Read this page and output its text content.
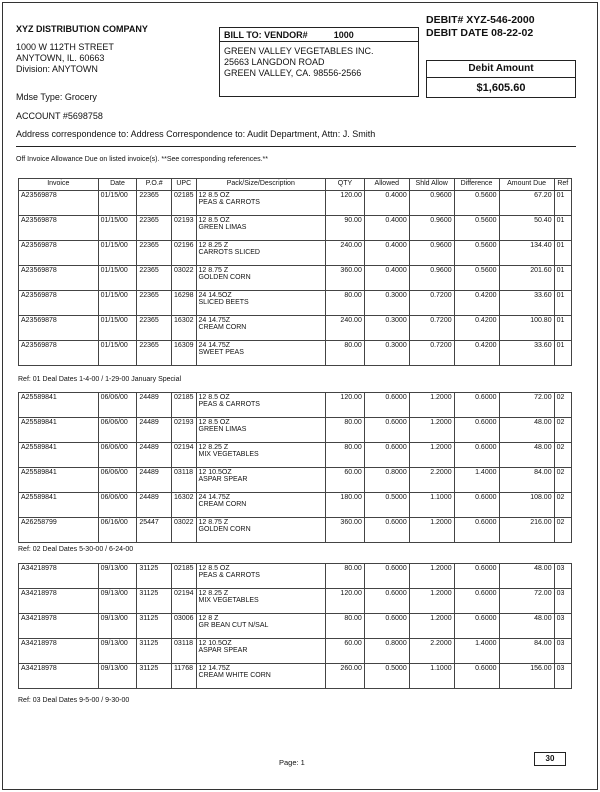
XYZ DISTRIBUTION COMPANY
1000 W 112TH STREET
ANYTOWN, IL. 60663
Division: ANYTOWN
BILL TO: VENDOR#	1000
GREEN VALLEY VEGETABLES INC.
25663 LANGDON ROAD
GREEN VALLEY, CA. 98556-2566
DEBIT# XYZ-546-2000
DEBIT DATE 08-22-02
Debit Amount
$1,605.60
Mdse Type: Grocery
ACCOUNT #5698758
Address correspondence to: Address Correspondence to: Audit Department, Attn: J. Smith
Off Invoice Allowance Due on listed invoice(s). **See corresponding references.**
Invoice	Date	P.O.#	UPC	Pack/Size/Description	QTY	Allowed	Shld Allow	Difference	Amount Due	Ref
A23569878	01/15/00	22365	02185	12 8.5 OZ
PEAS & CARROTS	120.00	0.4000	0.9600	0.5600	67.20	01
A23569878	01/15/00	22365	02193	12 8.5 OZ
GREEN LIMAS	90.00	0.4000	0.9600	0.5600	50.40	01
A23569878	01/15/00	22365	02196	12 8.25 Z
CARROTS SLICED	240.00	0.4000	0.9600	0.5600	134.40	01
A23569878	01/15/00	22365	03022	12 8.75 Z
GOLDEN CORN	360.00	0.4000	0.9600	0.5600	201.60	01
A23569878	01/15/00	22365	16298	24 14.5OZ
SLICED BEETS	80.00	0.3000	0.7200	0.4200	33.60	01
A23569878	01/15/00	22365	16302	24 14.75Z
CREAM CORN	240.00	0.3000	0.7200	0.4200	100.80	01
A23569878	01/15/00	22365	16309	24 14.75Z
SWEET PEAS	80.00	0.3000	0.7200	0.4200	33.60	01
Ref: 01 Deal Dates 1-4-00 / 1-29-00 January Special
A25589841	06/06/00	24489	02185	12 8.5 OZ
PEAS & CARROTS	120.00	0.6000	1.2000	0.6000	72.00	02
A25589841	06/06/00	24489	02193	12 8.5 OZ
GREEN LIMAS	80.00	0.6000	1.2000	0.6000	48.00	02
A25589841	06/06/00	24489	02194	12 8.25 Z
MIX VEGETABLES	80.00	0.6000	1.2000	0.6000	48.00	02
A25589841	06/06/00	24489	03118	12 10.5OZ
ASPAR SPEAR	60.00	0.8000	2.2000	1.4000	84.00	02
A25589841	06/06/00	24489	16302	24 14.75Z
CREAM CORN	180.00	0.5000	1.1000	0.6000	108.00	02
A26258799	06/16/00	25447	03022	12 8.75 Z
GOLDEN CORN	360.00	0.6000	1.2000	0.6000	216.00	02
Ref: 02 Deal Dates 5-30-00 / 6-24-00
A34218978	09/13/00	31125	02185	12 8.5 OZ
PEAS & CARROTS	80.00	0.6000	1.2000	0.6000	48.00	03
A34218978	09/13/00	31125	02194	12 8.25 Z
MIX VEGETABLES	120.00	0.6000	1.2000	0.6000	72.00	03
A34218978	09/13/00	31125	03006	12 8 Z
GR BEAN CUT N/SAL	80.00	0.6000	1.2000	0.6000	48.00	03
A34218978	09/13/00	31125	03118	12 10.5OZ
ASPAR SPEAR	60.00	0.8000	2.2000	1.4000	84.00	03
A34218978	09/13/00	31125	11768	12 14.75Z
CREAM WHITE CORN	260.00	0.5000	1.1000	0.6000	156.00	03
Ref: 03 Deal Dates 9-5-00 / 9-30-00
Page: 1	30
